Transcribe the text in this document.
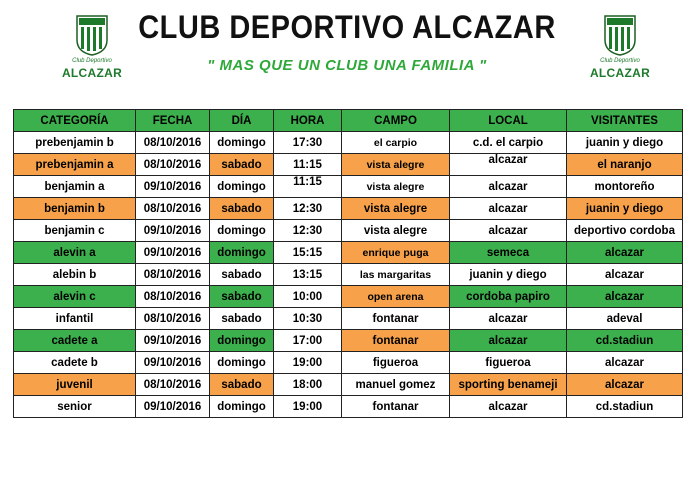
Club Deportivo
ALCAZAR
Club Deportivo
ALCAZAR
CLUB DEPORTIVO ALCAZAR
" MAS QUE UN CLUB UNA FAMILIA "
CATEGORÍA	FECHA	DÍA	HORA	CAMPO	LOCAL	VISITANTES
prebenjamin b	08/10/2016	domingo	17:30	el carpio	c.d. el carpio	juanin y diego
prebenjamin a	08/10/2016	sabado	11:15	vista alegre	alcazar	el naranjo
benjamin a	09/10/2016	domingo	11:15	vista alegre	alcazar	montoreño
benjamin b	08/10/2016	sabado	12:30	vista alegre	alcazar	juanin y diego
benjamin c	09/10/2016	domingo	12:30	vista alegre	alcazar	deportivo cordoba
alevin a	09/10/2016	domingo	15:15	enrique puga	semeca	alcazar
alebin b	08/10/2016	sabado	13:15	las margaritas	juanin y diego	alcazar
alevin c	08/10/2016	sabado	10:00	open arena	cordoba papiro	alcazar
infantil	08/10/2016	sabado	10:30	fontanar	alcazar	adeval
cadete a	09/10/2016	domingo	17:00	fontanar	alcazar	cd.stadiun
cadete b	09/10/2016	domingo	19:00	figueroa	figueroa	alcazar
juvenil	08/10/2016	sabado	18:00	manuel gomez	sporting benameji	alcazar
senior	09/10/2016	domingo	19:00	fontanar	alcazar	cd.stadiun
